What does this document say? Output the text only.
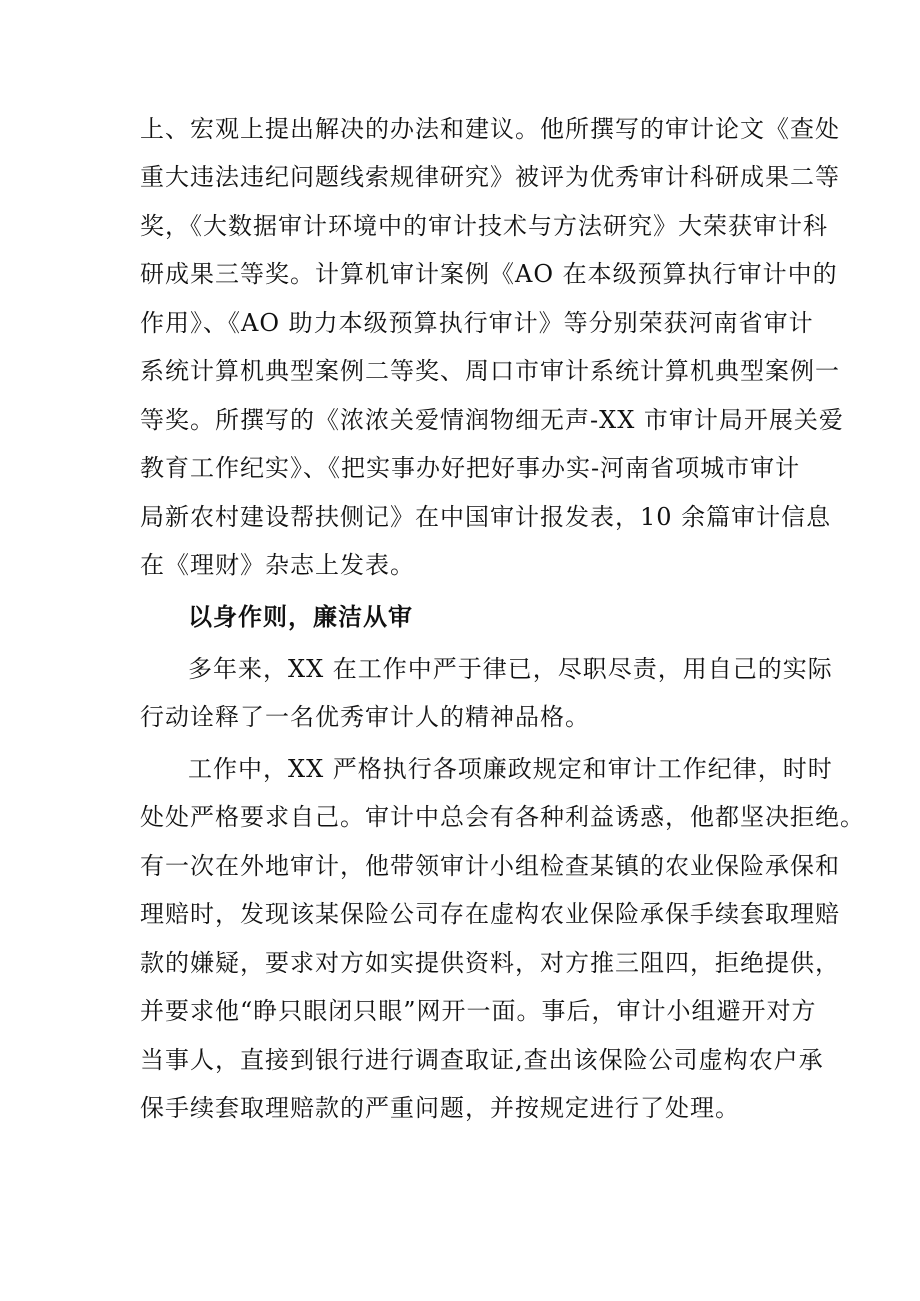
上、宏观上提出解决的办法和建议。他所撰写的审计论文《查处
重大违法违纪问题线索规律研究》被评为优秀审计科研成果二等
奖，《大数据审计环境中的审计技术与方法研究》大荣获审计科
研成果三等奖。计算机审计案例《AO 在本级预算执行审计中的
作用》、《AO 助力本级预算执行审计》等分别荣获河南省审计
系统计算机典型案例二等奖、周口市审计系统计算机典型案例一
等奖。所撰写的《浓浓关爱情润物细无声-XX 市审计局开展关爱
教育工作纪实》、《把实事办好把好事办实-河南省项城市审计
局新农村建设帮扶侧记》在中国审计报发表，10 余篇审计信息
在《理财》杂志上发表。
以身作则，廉洁从审
多年来，XX 在工作中严于律已，尽职尽责，用自己的实际
行动诠释了一名优秀审计人的精神品格。
工作中，XX 严格执行各项廉政规定和审计工作纪律，时时
处处严格要求自己。审计中总会有各种利益诱惑，他都坚决拒绝。
有一次在外地审计，他带领审计小组检查某镇的农业保险承保和
理赔时，发现该某保险公司存在虚构农业保险承保手续套取理赔
款的嫌疑，要求对方如实提供资料，对方推三阻四，拒绝提供，
并要求他“睁只眼闭只眼”网开一面。事后，审计小组避开对方
当事人，直接到银行进行调查取证,查出该保险公司虚构农户承
保手续套取理赔款的严重问题，并按规定进行了处理。
